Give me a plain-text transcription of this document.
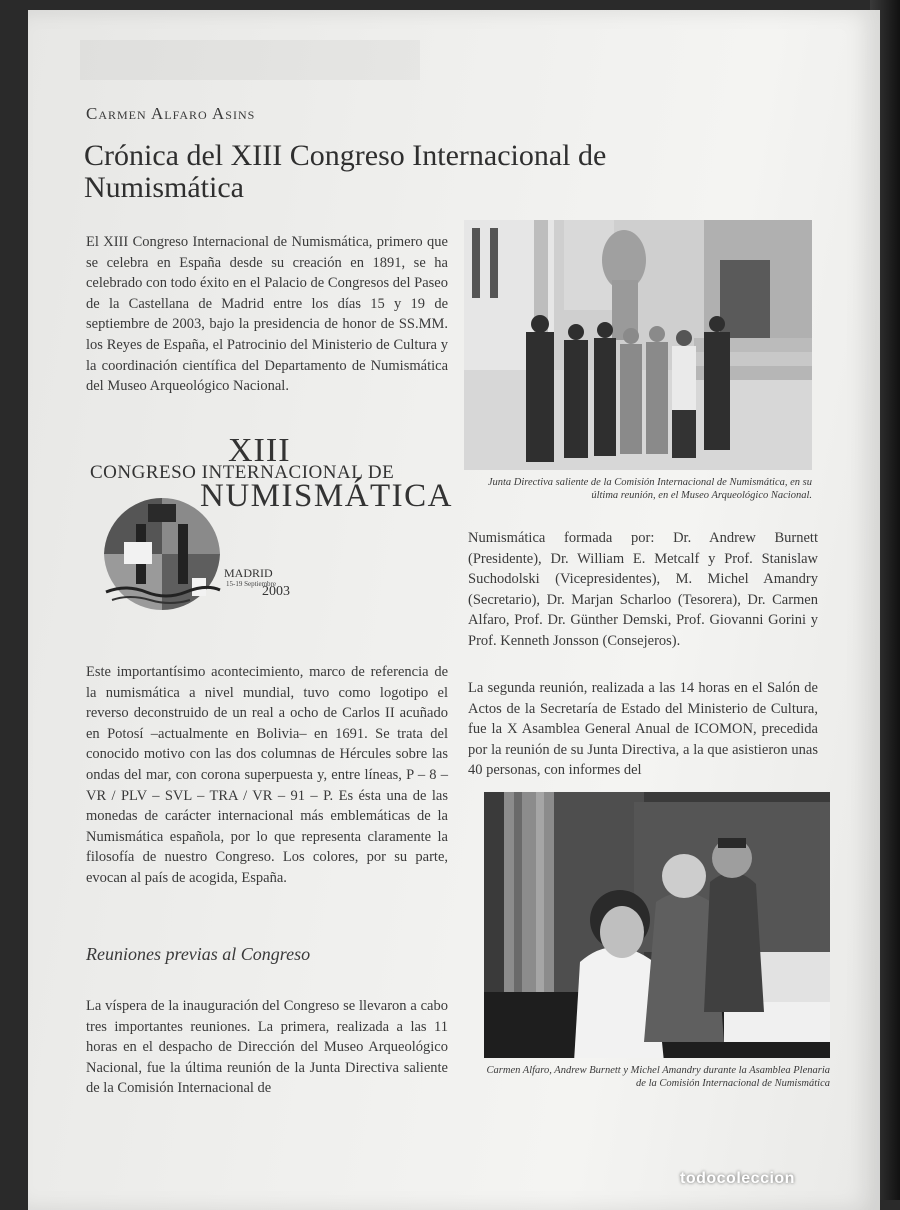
Carmen Alfaro Asins
Crónica del XIII Congreso Internacional de Numismática
El XIII Congreso Internacional de Numismática, primero que se celebra en España desde su creación en 1891, se ha celebrado con todo éxito en el Palacio de Congresos del Paseo de la Castellana de Madrid entre los días 15 y 19 de septiembre de 2003, bajo la presidencia de honor de SS.MM. los Reyes de España, el Patrocinio del Ministerio de Cultura y la coordinación científica del Departamento de Numismática del Museo Arqueológico Nacional.
XIII
CONGRESO INTERNACIONAL DE
NUMISMÁTICA
MADRID
15-19 Septiembre
2003
Este importantísimo acontecimiento, marco de referencia de la numismática a nivel mundial, tuvo como logotipo el reverso deconstruido de un real a ocho de Carlos II acuñado en Potosí –actualmente en Bolivia– en 1691. Se trata del conocido motivo con las dos columnas de Hércules sobre las ondas del mar, con corona superpuesta y, entre líneas, P – 8 – VR / PLV – SVL – TRA / VR – 91 – P. Es ésta una de las monedas de carácter internacional más emblemáticas de la Numismática española, por lo que representa claramente la filosofía de nuestro Congreso. Los colores, por su parte, evocan al país de acogida, España.
Reuniones previas al Congreso
La víspera de la inauguración del Congreso se llevaron a cabo tres importantes reuniones. La primera, realizada a las 11 horas en el despacho de Dirección del Museo Arqueológico Nacional, fue la última reunión de la Junta Directiva saliente de la Comisión Internacional de
Junta Directiva saliente de la Comisión Internacional de Numismática, en su última reunión, en el Museo Arqueológico Nacional.
Numismática formada por: Dr. Andrew Burnett (Presidente), Dr. William E. Metcalf y Prof. Stanislaw Suchodolski (Vicepresidentes), M. Michel Amandry (Secretario), Dr. Marjan Scharloo (Tesorera), Dr. Carmen Alfaro, Prof. Dr. Günther Demski, Prof. Giovanni Gorini y Prof. Kenneth Jonsson (Consejeros).
La segunda reunión, realizada a las 14 horas en el Salón de Actos de la Secretaría de Estado del Ministerio de Cultura, fue la X Asamblea General Anual de ICOMON, precedida por la reunión de su Junta Directiva, a la que asistieron unas 40 personas, con informes del
Carmen Alfaro, Andrew Burnett y Michel Amandry durante la Asamblea Plenaria de la Comisión Internacional de Numismática
todocoleccion
